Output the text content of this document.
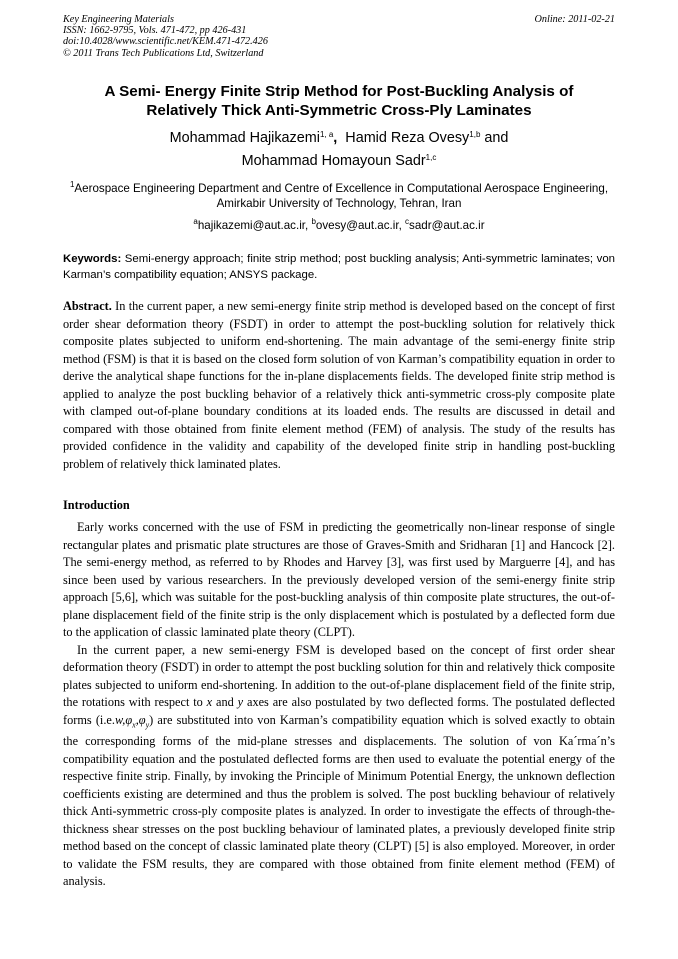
Key Engineering Materials
ISSN: 1662-9795, Vols. 471-472, pp 426-431
doi:10.4028/www.scientific.net/KEM.471-472.426
© 2011 Trans Tech Publications Ltd, Switzerland
Online: 2011-02-21
A Semi- Energy Finite Strip Method for Post-Buckling Analysis of
Relatively Thick Anti-Symmetric Cross-Ply Laminates
Mohammad Hajikazemi$^{1, a}$, Hamid Reza Ovesy$^{1,b}$ and
Mohammad Homayoun Sadr$^{1,c}$
$^1$Aerospace Engineering Department and Centre of Excellence in Computational Aerospace Engineering, Amirkabir University of Technology, Tehran, Iran
$^a$hajikazemi@aut.ac.ir, $^b$ovesy@aut.ac.ir, $^c$sadr@aut.ac.ir
Keywords: Semi-energy approach; finite strip method; post buckling analysis; Anti-symmetric laminates; von Karman’s compatibility equation; ANSYS package.
Abstract. In the current paper, a new semi-energy finite strip method is developed based on the concept of first order shear deformation theory (FSDT) in order to attempt the post-buckling solution for relatively thick composite plates subjected to uniform end-shortening. The main advantage of the semi-energy finite strip method (FSM) is that it is based on the closed form solution of von Karman’s compatibility equation in order to derive the analytical shape functions for the in-plane displacements fields. The developed finite strip method is applied to analyze the post buckling behavior of a relatively thick anti-symmetric cross-ply composite plate with clamped out-of-plane boundary conditions at its loaded ends. The results are discussed in detail and compared with those obtained from finite element method (FEM) of analysis. The study of the results has provided confidence in the validity and capability of the developed finite strip in handling post-buckling problem of relatively thick laminated plates.
Introduction

Early works concerned with the use of FSM in predicting the geometrically non-linear response of single rectangular plates and prismatic plate structures are those of Graves-Smith and Sridharan [1] and Hancock [2]. The semi-energy method, as referred to by Rhodes and Harvey [3], was first used by Marguerre [4], and has since been used by various researchers. In the previously developed version of the semi-energy finite strip approach [5,6], which was suitable for the post-buckling analysis of thin composite plate structures, the out-of-plane displacement field of the finite strip is the only displacement which is postulated by a deflected form due to the application of classic laminated plate theory (CLPT).

In the current paper, a new semi-energy FSM is developed based on the concept of first order shear deformation theory (FSDT) in order to attempt the post buckling solution for thin and relatively thick composite plates subjected to uniform end-shortening. In addition to the out-of-plane displacement field of the finite strip, the rotations with respect to x and y axes are also postulated by two deflected forms. The postulated deflected forms $(i.e.w,\varphi_x,\varphi_y)$ are substituted into von Karman’s compatibility equation which is solved exactly to obtain the corresponding forms of the mid-plane stresses and displacements. The solution of von Ka´rma´n’s compatibility equation and the postulated deflected forms are then used to evaluate the potential energy of the respective finite strip. Finally, by invoking the Principle of Minimum Potential Energy, the unknown deflection coefficients existing are determined and thus the problem is solved. The post buckling behaviour of relatively thick Anti-symmetric cross-ply composite plates is analyzed. In order to investigate the effects of through-the- thickness shear stresses on the post buckling behaviour of laminated plates, a previously developed finite strip method based on the concept of classic laminated plate theory (CLPT) [5] is also employed. Moreover, in order to validate the FSM results, they are compared with those obtained from finite element method (FEM) of analysis.
